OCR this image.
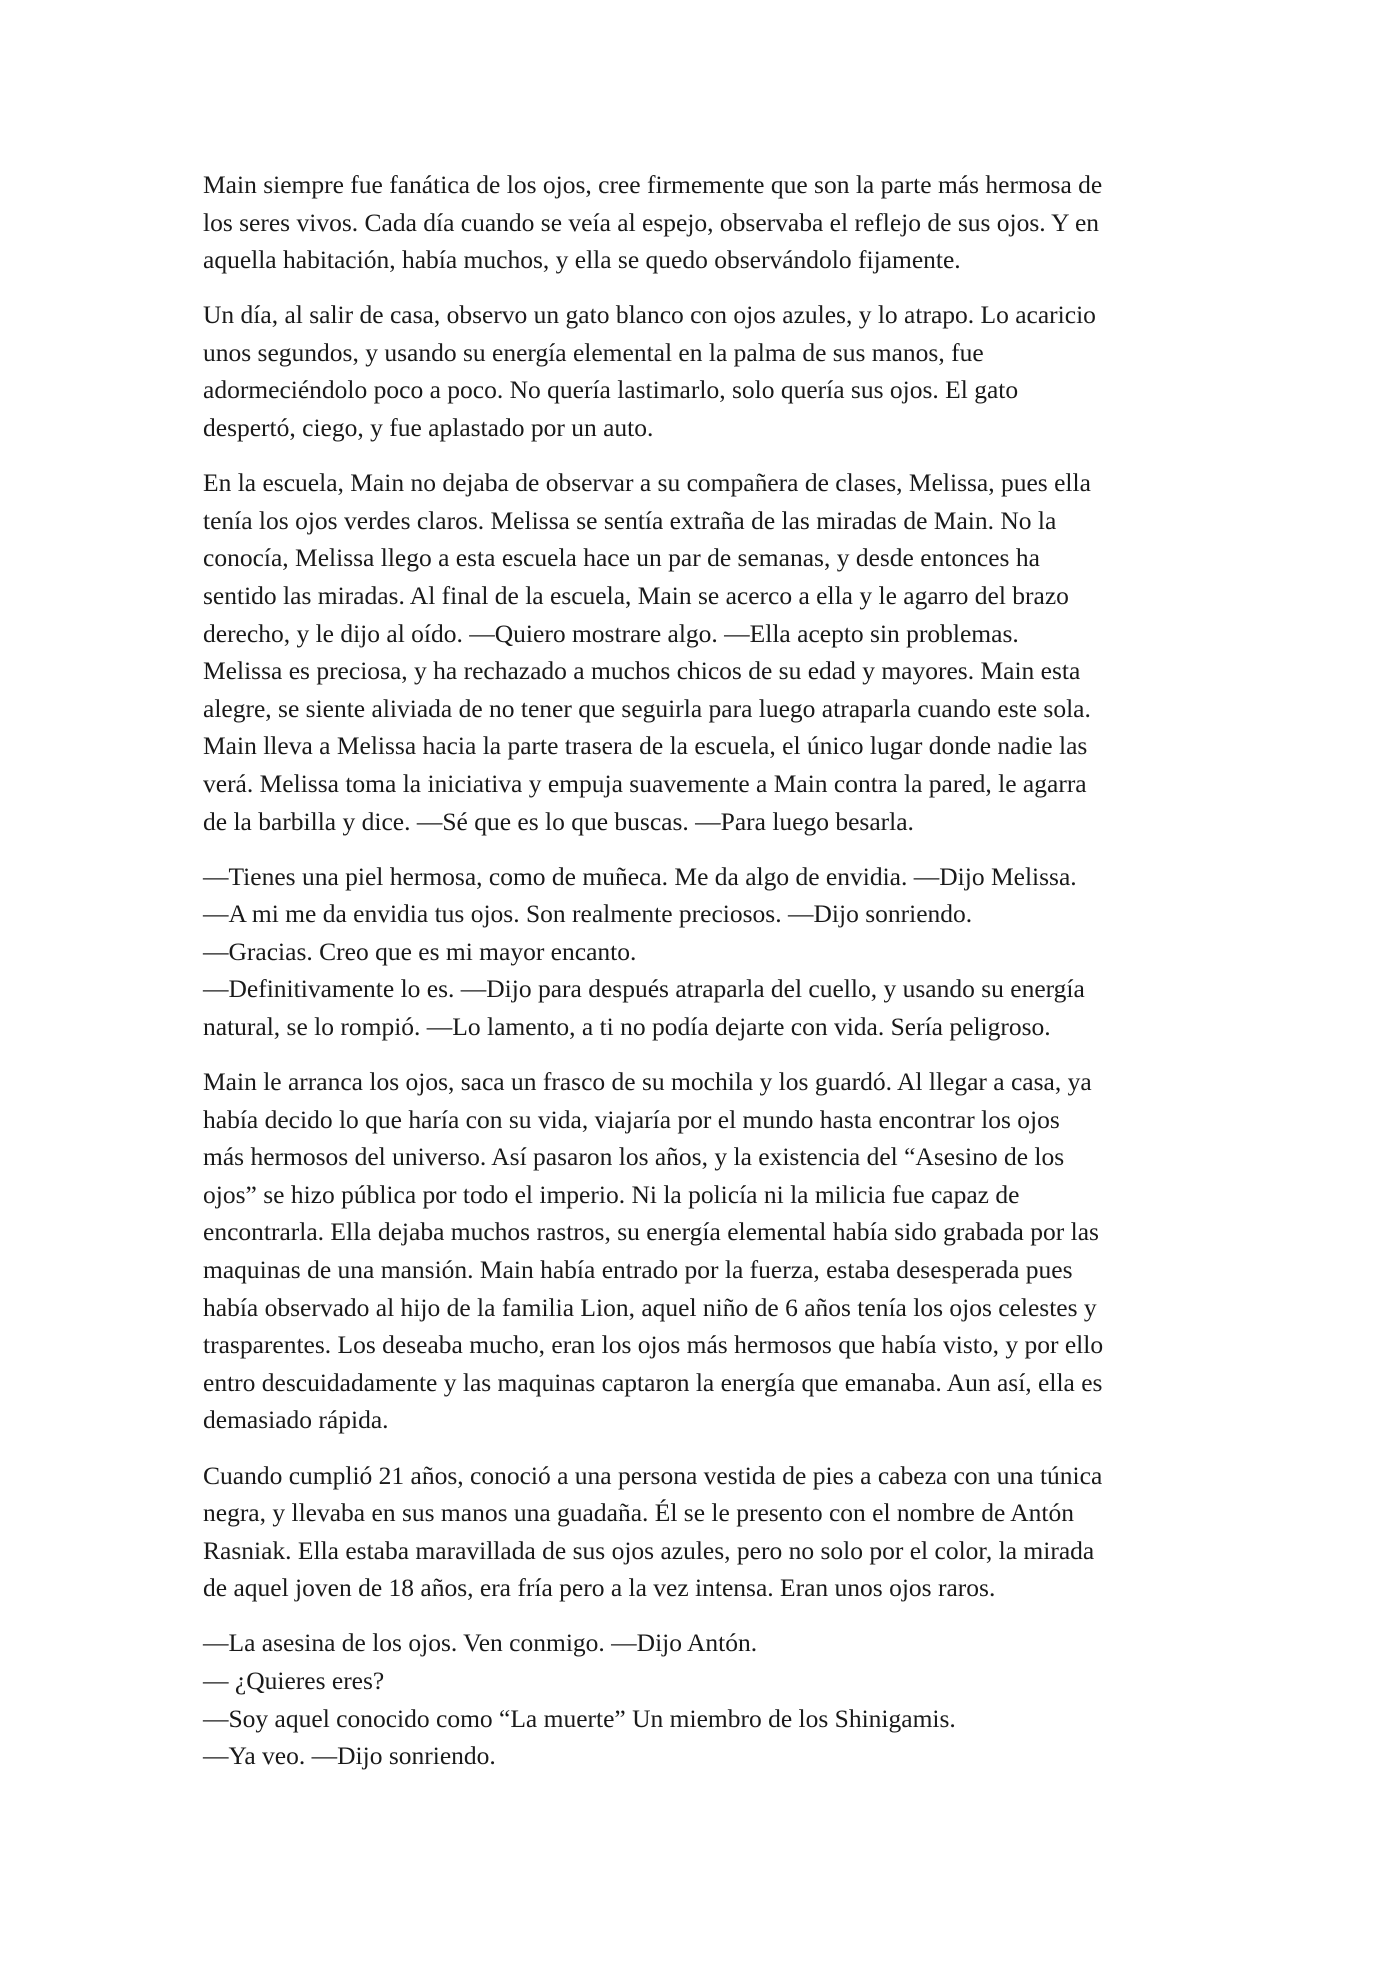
Main siempre fue fanática de los ojos, cree firmemente que son la parte más hermosa de
los seres vivos. Cada día cuando se veía al espejo, observaba el reflejo de sus ojos. Y en
aquella habitación, había muchos, y ella se quedo observándolo fijamente.
Un día, al salir de casa, observo un gato blanco con ojos azules, y lo atrapo. Lo acaricio
unos segundos, y usando su energía elemental en la palma de sus manos, fue
adormeciéndolo poco a poco. No quería lastimarlo, solo quería sus ojos. El gato
despertó, ciego, y fue aplastado por un auto.
En la escuela, Main no dejaba de observar a su compañera de clases, Melissa, pues ella
tenía los ojos verdes claros. Melissa se sentía extraña de las miradas de Main. No la
conocía, Melissa llego a esta escuela hace un par de semanas, y desde entonces ha
sentido las miradas. Al final de la escuela, Main se acerco a ella y le agarro del brazo
derecho, y le dijo al oído. —Quiero mostrare algo. —Ella acepto sin problemas.
Melissa es preciosa, y ha rechazado a muchos chicos de su edad y mayores. Main esta
alegre, se siente aliviada de no tener que seguirla para luego atraparla cuando este sola.
Main lleva a Melissa hacia la parte trasera de la escuela, el único lugar donde nadie las
verá. Melissa toma la iniciativa y empuja suavemente a Main contra la pared, le agarra
de la barbilla y dice. —Sé que es lo que buscas. —Para luego besarla.
—Tienes una piel hermosa, como de muñeca. Me da algo de envidia. —Dijo Melissa.
—A mi me da envidia tus ojos. Son realmente preciosos. —Dijo sonriendo.
—Gracias. Creo que es mi mayor encanto.
—Definitivamente lo es. —Dijo para después atraparla del cuello, y usando su energía
natural, se lo rompió. —Lo lamento, a ti no podía dejarte con vida. Sería peligroso.
Main le arranca los ojos, saca un frasco de su mochila y los guardó. Al llegar a casa, ya
había decido lo que haría con su vida, viajaría por el mundo hasta encontrar los ojos
más hermosos del universo. Así pasaron los años, y la existencia del “Asesino de los
ojos” se hizo pública por todo el imperio. Ni la policía ni la milicia fue capaz de
encontrarla. Ella dejaba muchos rastros, su energía elemental había sido grabada por las
maquinas de una mansión. Main había entrado por la fuerza, estaba desesperada pues
había observado al hijo de la familia Lion, aquel niño de 6 años tenía los ojos celestes y
trasparentes. Los deseaba mucho, eran los ojos más hermosos que había visto, y por ello
entro descuidadamente y las maquinas captaron la energía que emanaba. Aun así, ella es
demasiado rápida.
Cuando cumplió 21 años, conoció a una persona vestida de pies a cabeza con una túnica
negra, y llevaba en sus manos una guadaña. Él se le presento con el nombre de Antón
Rasniak. Ella estaba maravillada de sus ojos azules, pero no solo por el color, la mirada
de aquel joven de 18 años, era fría pero a la vez intensa. Eran unos ojos raros.
—La asesina de los ojos. Ven conmigo. —Dijo Antón.
— ¿Quieres eres?
—Soy aquel conocido como “La muerte” Un miembro de los Shinigamis.
—Ya veo. —Dijo sonriendo.
